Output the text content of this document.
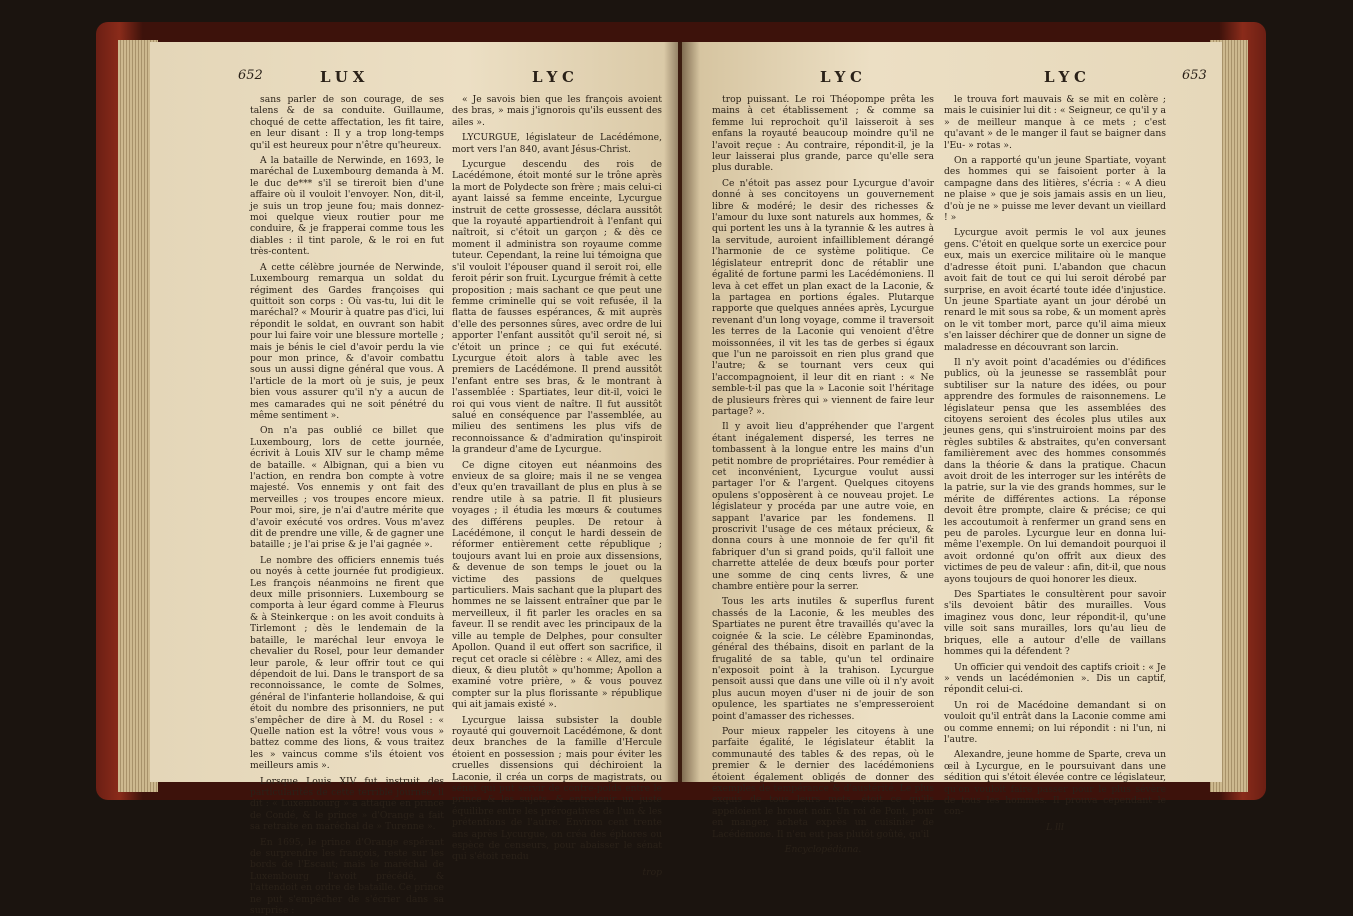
652	LUX	LYC

sans parler de son courage, de ses talens & de sa conduite. Guillaume, choqué de cette affectation, les fit taire, en leur disant : Il y a trop long-temps qu'il est heureux pour n'être qu'heureux.

A la bataille de Nerwinde, en 1693, le maréchal de Luxembourg demanda à M. le duc de*** s'il se tireroit bien d'une affaire où il vouloit l'envoyer. Non, dit-il, je suis un trop jeune fou; mais donnez-moi quelque vieux routier pour me conduire, & je frapperai comme tous les diables : il tint parole, & le roi en fut très-content.

A cette célèbre journée de Nerwinde, Luxembourg remarqua un soldat du régiment des Gardes françoises qui quittoit son corps : Où vas-tu, lui dit le maréchal? « Mourir à quatre pas d'ici, lui répondit le soldat, en ouvrant son habit pour lui faire voir une blessure mortelle ; mais je bénis le ciel d'avoir perdu la vie pour mon prince, & d'avoir combattu sous un aussi digne général que vous. A l'article de la mort où je suis, je peux bien vous assurer qu'il n'y a aucun de mes camarades qui ne soit pénétré du même sentiment ».

On n'a pas oublié ce billet que Luxembourg, lors de cette journée, écrivit à Louis XIV sur le champ même de bataille. « Albignan, qui a bien vu l'action, en rendra bon compte à votre majesté. Vos ennemis y ont fait des merveilles ; vos troupes encore mieux. Pour moi, sire, je n'ai d'autre mérite que d'avoir exécuté vos ordres. Vous m'avez dit de prendre une ville, & de gagner une bataille ; je l'ai prise & je l'ai gagnée ».

Le nombre des officiers ennemis tués ou noyés à cette journée fut prodigieux. Les françois néanmoins ne firent que deux mille prisonniers. Luxembourg se comporta à leur égard comme à Fleurus & à Steinkerque : on les avoit conduits à Tirlemont ; dès le lendemain de la bataille, le maréchal leur envoya le chevalier du Rosel, pour leur demander leur parole, & leur offrir tout ce qui dépendoit de lui. Dans le transport de sa reconnoissance, le comte de Solmes, général de l'infanterie hollandoise, & qui étoit du nombre des prisonniers, ne put s'empêcher de dire à M. du Rosel : « Quelle nation est la vôtre! vous vous » battez comme des lions, & vous traitez les » vaincus comme s'ils étoient vos meilleurs amis ».

Lorsque Louis XIV fut instruit des particularités de cette terrible journée, il dit : « Luxembourg » a attaqué en prince de Condé, & le prince » d'Orange a fait sa retraite en maréchal de » Turenne ».

En 1695, le prince d'Orange espérant de surprendre les françois, reste sur les bords de l'Escaut; mais le maréchal de Luxembourg l'avoit précédé, & l'attendoit en ordre de bataille. Ce prince ne put s'empêcher de s'écrier dans sa surprise :

« Je savois bien que les françois avoient des bras, » mais j'ignorois qu'ils eussent des ailes ».

LYCURGUE, législateur de Lacédémone, mort vers l'an 840, avant Jésus-Christ.

Lycurgue descendu des rois de Lacédémone, étoit monté sur le trône après la mort de Polydecte son frère ; mais celui-ci ayant laissé sa femme enceinte, Lycurgue instruit de cette grossesse, déclara aussitôt que la royauté appartiendroit à l'enfant qui naîtroit, si c'étoit un garçon ; & dès ce moment il administra son royaume comme tuteur. Cependant, la reine lui témoigna que s'il vouloit l'épouser quand il seroit roi, elle feroit périr son fruit. Lycurgue frémit à cette proposition ; mais sachant ce que peut une femme criminelle qui se voit refusée, il la flatta de fausses espérances, & mit auprès d'elle des personnes sûres, avec ordre de lui apporter l'enfant aussitôt qu'il seroit né, si c'étoit un prince ; ce qui fut exécuté. Lycurgue étoit alors à table avec les premiers de Lacédémone. Il prend aussitôt l'enfant entre ses bras, & le montrant à l'assemblée : Spartiates, leur dit-il, voici le roi qui vous vient de naître. Il fut aussitôt salué en conséquence par l'assemblée, au milieu des sentimens les plus vifs de reconnoissance & d'admiration qu'inspiroit la grandeur d'ame de Lycurgue.

Ce digne citoyen eut néanmoins des envieux de sa gloire; mais il ne se vengea d'eux qu'en travaillant de plus en plus à se rendre utile à sa patrie. Il fit plusieurs voyages ; il étudia les mœurs & coutumes des différens peuples. De retour à Lacédémone, il conçut le hardi dessein de réformer entièrement cette république ; toujours avant lui en proie aux dissensions, & devenue de son temps le jouet ou la victime des passions de quelques particuliers. Mais sachant que la plupart des hommes ne se laissent entraîner que par le merveilleux, il fit parler les oracles en sa faveur. Il se rendit avec les principaux de la ville au temple de Delphes, pour consulter Apollon. Quand il eut offert son sacrifice, il reçut cet oracle si célèbre : « Allez, ami des dieux, & dieu plutôt » qu'homme; Apollon a examiné votre prière, » & vous pouvez compter sur la plus florissante » république qui ait jamais existé ».

Lycurgue laissa subsister la double royauté qui gouvernoit Lacédémone, & dont deux branches de la famille d'Hercule étoient en possession ; mais pour éviter les cruelles dissensions qui déchiroient la Laconie, il créa un corps de magistrats, ou sénat qui put servir de contre-poids entre le prince & les sujets, & entretenir un juste équilibre entre les prérogatives de l'un & les prétentions de l'autre. Environ cent trente ans après Lycurgue, on créa des éphores ou espèce de censeurs, pour abaisser le sénat qui s'étoit rendu

trop

LYC	LYC	653

trop puissant. Le roi Théopompe prêta les mains à cet établissement ; & comme sa femme lui reprochoit qu'il laisseroit à ses enfans la royauté beaucoup moindre qu'il ne l'avoit reçue : Au contraire, répondit-il, je la leur laisserai plus grande, parce qu'elle sera plus durable.

Ce n'étoit pas assez pour Lycurgue d'avoir donné à ses concitoyens un gouvernement libre & modéré; le desir des richesses & l'amour du luxe sont naturels aux hommes, & qui portent les uns à la tyrannie & les autres à la servitude, auroient infailliblement dérangé l'harmonie de ce système politique. Ce législateur entreprit donc de rétablir une égalité de fortune parmi les Lacédémoniens. Il leva à cet effet un plan exact de la Laconie, & la partagea en portions égales. Plutarque rapporte que quelques années après, Lycurgue revenant d'un long voyage, comme il traversoit les terres de la Laconie qui venoient d'être moissonnées, il vit les tas de gerbes si égaux que l'un ne paroissoit en rien plus grand que l'autre; & se tournant vers ceux qui l'accompagnoient, il leur dit en riant : « Ne semble-t-il pas que la » Laconie soit l'héritage de plusieurs frères qui » viennent de faire leur partage? ».

Il y avoit lieu d'appréhender que l'argent étant inégalement dispersé, les terres ne tombassent à la longue entre les mains d'un petit nombre de propriétaires. Pour remédier à cet inconvénient, Lycurgue voulut aussi partager l'or & l'argent. Quelques citoyens opulens s'opposèrent à ce nouveau projet. Le législateur y procéda par une autre voie, en sappant l'avarice par les fondemens. Il proscrivit l'usage de ces métaux précieux, & donna cours à une monnoie de fer qu'il fit fabriquer d'un si grand poids, qu'il falloit une charrette attelée de deux bœufs pour porter une somme de cinq cents livres, & une chambre entière pour la serrer.

Tous les arts inutiles & superflus furent chassés de la Laconie, & les meubles des Spartiates ne purent être travaillés qu'avec la coignée & la scie. Le célèbre Epaminondas, général des thébains, disoit en parlant de la frugalité de sa table, qu'un tel ordinaire n'exposoit point à la trahison. Lycurgue pensoit aussi que dans une ville où il n'y avoit plus aucun moyen d'user ni de jouir de son opulence, les spartiates ne s'empresseroient point d'amasser des richesses.

Pour mieux rappeler les citoyens à une parfaite égalité, le législateur établit la communauté des tables & des repas, où le premier & le dernier des lacédémoniens étoient également obligés de donner des exemples de tempérance & d'austérité. Le plus exquis de tous leurs mets, étoit ce qu'ils appeloient le brouet noir. Un roi de Pont, pour en manger, acheta exprès un cuisinier de Lacédémone. Il n'en eut pas plutôt goûté, qu'il

Encyclopédiana.

le trouva fort mauvais & se mit en colère ; mais le cuisinier lui dit : « Seigneur, ce qu'il y a » de meilleur manque à ce mets ; c'est qu'avant » de le manger il faut se baigner dans l'Eu- » rotas ».

On a rapporté qu'un jeune Spartiate, voyant des hommes qui se faisoient porter à la campagne dans des litières, s'écria : « A dieu ne plaise » que je sois jamais assis en un lieu, d'où je ne » puisse me lever devant un vieillard ! »

Lycurgue avoit permis le vol aux jeunes gens. C'étoit en quelque sorte un exercice pour eux, mais un exercice militaire où le manque d'adresse étoit puni. L'abandon que chacun avoit fait de tout ce qui lui seroit dérobé par surprise, en avoit écarté toute idée d'injustice. Un jeune Spartiate ayant un jour dérobé un renard le mit sous sa robe, & un moment après on le vit tomber mort, parce qu'il aima mieux s'en laisser déchirer que de donner un signe de maladresse en découvrant son larcin.

Il n'y avoit point d'académies ou d'édifices publics, où la jeunesse se rassemblât pour subtiliser sur la nature des idées, ou pour apprendre des formules de raisonnemens. Le législateur pensa que les assemblées des citoyens seroient des écoles plus utiles aux jeunes gens, qui s'instruiroient moins par des règles subtiles & abstraites, qu'en conversant familièrement avec des hommes consommés dans la théorie & dans la pratique. Chacun avoit droit de les interroger sur les intérêts de la patrie, sur la vie des grands hommes, sur le mérite de différentes actions. La réponse devoit être prompte, claire & précise; ce qui les accoutumoit à renfermer un grand sens en peu de paroles. Lycurgue leur en donna lui-même l'exemple. On lui demandoit pourquoi il avoit ordonné qu'on offrît aux dieux des victimes de peu de valeur : afin, dit-il, que nous ayons toujours de quoi honorer les dieux.

Des Spartiates le consultèrent pour savoir s'ils devoient bâtir des murailles. Vous imaginez vous donc, leur répondit-il, qu'une ville soit sans murailles, lors qu'au lieu de briques, elle a autour d'elle de vaillans hommes qui la défendent ?

Un officier qui vendoit des captifs crioit : « Je » vends un lacédémonien ». Dis un captif, répondit celui-ci.

Un roi de Macédoine demandant si on vouloit qu'il entrât dans la Laconie comme ami ou comme ennemi; on lui répondit : ni l'un, ni l'autre.

Alexandre, jeune homme de Sparte, creva un œil à Lycurgue, en le poursuivant dans une sédition qui s'étoit élevée contre ce législateur, qu'on vouloit faire passer pour le plus sévère de tous les hommes. Il prouva cependant le con-

L lll
